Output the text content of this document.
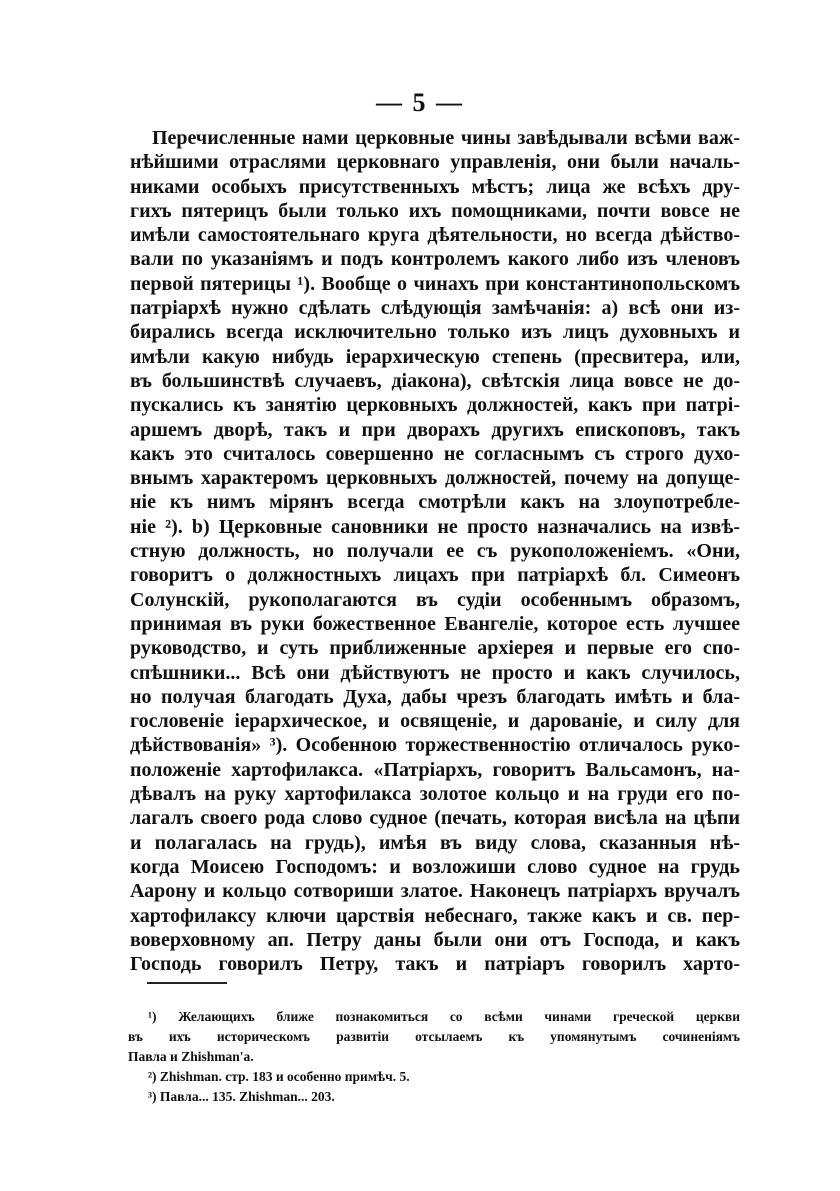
— 5 —
Перечисленные нами церковные чины завѣдывали всѣми важ-
нѣйшими отраслями церковнаго управленія, они были началь-
никами особыхъ присутственныхъ мѣстъ; лица же всѣхъ дру-
гихъ пятерицъ были только ихъ помощниками, почти вовсе не
имѣли самостоятельнаго круга дѣятельности, но всегда дѣйство-
вали по указаніямъ и подъ контролемъ какого либо изъ членовъ
первой пятерицы ¹). Вообще о чинахъ при константинопольскомъ
патріархѣ нужно сдѣлать слѣдующія замѣчанія: а) всѣ они из-
бирались всегда исключительно только изъ лицъ духовныхъ и
имѣли какую нибудь іерархическую степень (пресвитера, или,
въ большинствѣ случаевъ, діакона), свѣтскія лица вовсе не до-
пускались къ занятію церковныхъ должностей, какъ при патрі-
аршемъ дворѣ, такъ и при дворахъ другихъ епископовъ, такъ
какъ это считалось совершенно не согласнымъ съ строго духо-
внымъ характеромъ церковныхъ должностей, почему на допуще-
ніе къ нимъ мірянъ всегда смотрѣли какъ на злоупотребле-
ніе ²). b) Церковные сановники не просто назначались на извѣ-
стную должность, но получали ее съ рукоположеніемъ. «Они,
говоритъ о должностныхъ лицахъ при патріархѣ бл. Симеонъ
Солунскій, рукополагаются въ судіи особеннымъ образомъ,
принимая въ руки божественное Евангеліе, которое есть лучшее
руководство, и суть приближенные архіерея и первые его спо-
спѣшники... Всѣ они дѣйствуютъ не просто и какъ случилось,
но получая благодать Духа, дабы чрезъ благодать имѣть и бла-
гословеніе іерархическое, и освященіе, и дарованіе, и силу для
дѣйствованія» ³). Особенною торжественностію отличалось руко-
положеніе хартофилакса. «Патріархъ, говоритъ Вальсамонъ, на-
дѣвалъ на руку хартофилакса золотое кольцо и на груди его по-
лагалъ своего рода слово судное (печать, которая висѣла на цѣпи
и полагалась на грудь), имѣя въ виду слова, сказанныя нѣ-
когда Моисею Господомъ: и возложиши слово судное на грудь
Аарону и кольцо сотвориши златое. Наконецъ патріархъ вручалъ
хартофилаксу ключи царствія небеснаго, также какъ и св. пер-
воверховному ап. Петру даны были они отъ Господа, и какъ
Господь говорилъ Петру, такъ и патріаръ говорилъ харто-
¹) Желающихъ ближе познакомиться со всѣми чинами греческой церкви
въ ихъ историческомъ развитіи отсылаемъ къ упомянутымъ сочиненіямъ
Павла и Zhishman'a.
²) Zhishman. стр. 183 и особенно примѣч. 5.
³) Павла... 135. Zhishman... 203.
